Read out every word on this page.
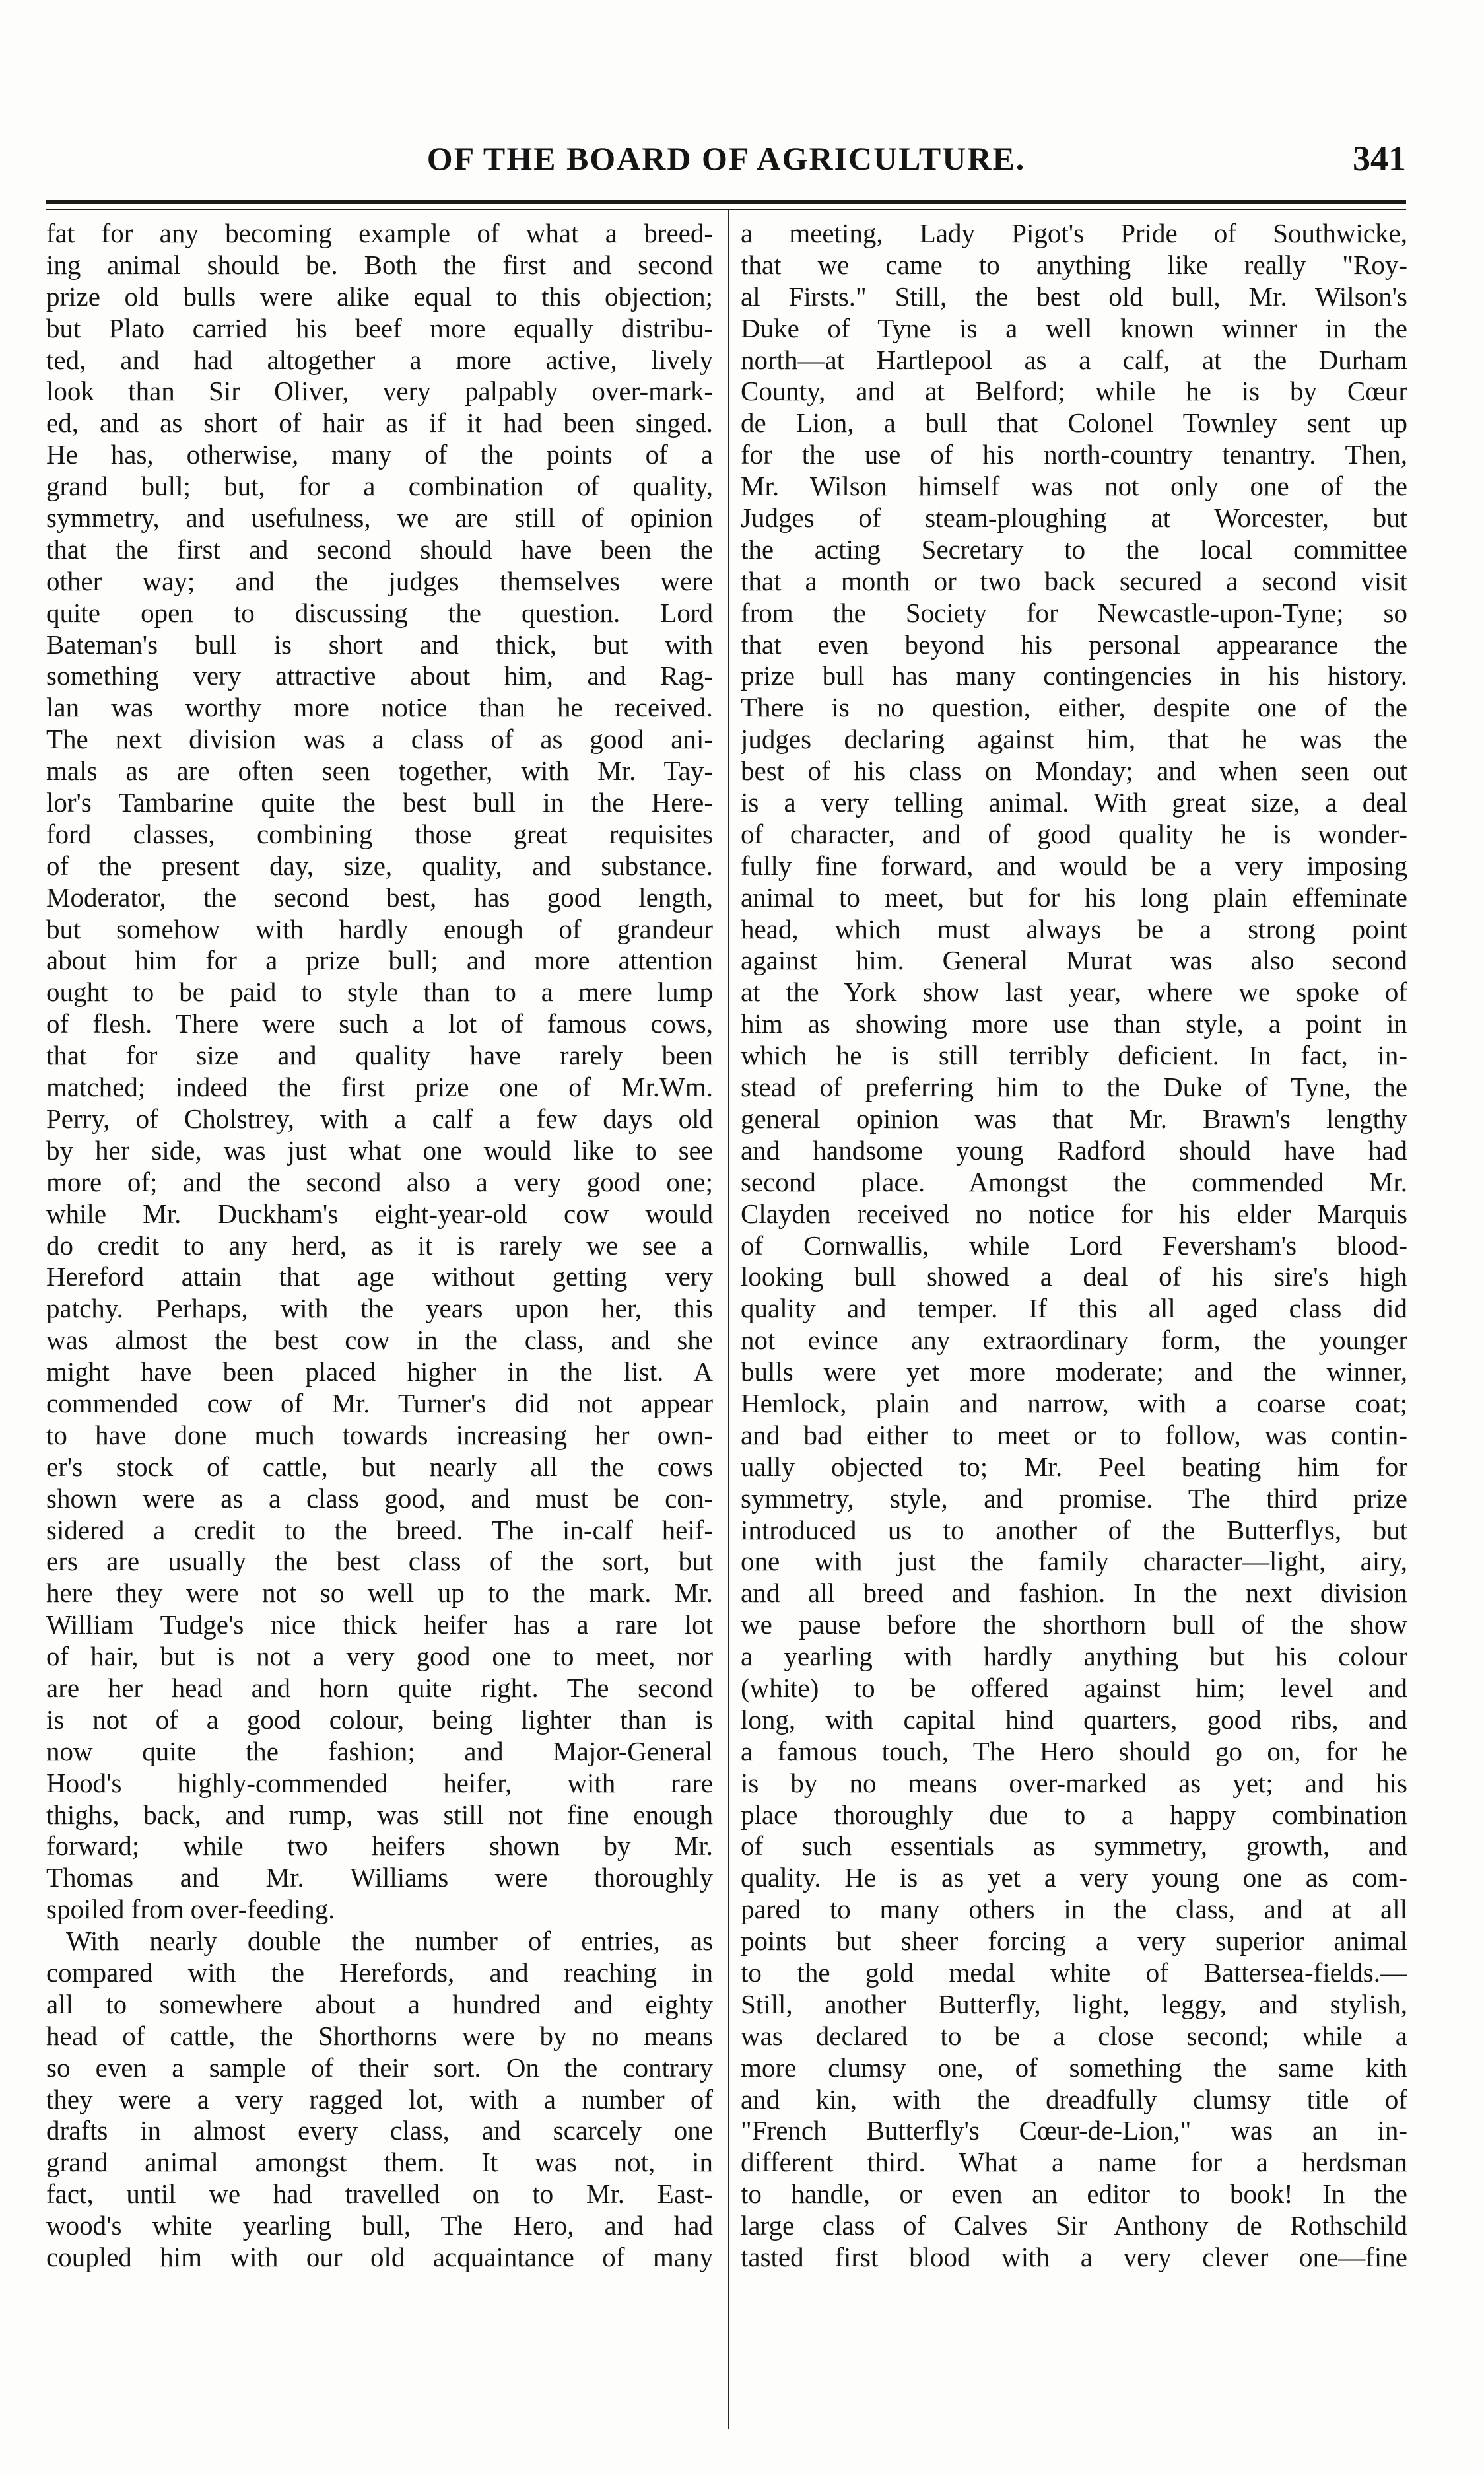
OF THE BOARD OF AGRICULTURE.	341
fat for any becoming example of what a breed-
ing animal should be. Both the first and second
prize old bulls were alike equal to this objection;
but Plato carried his beef more equally distribu-
ted, and had altogether a more active, lively
look than Sir Oliver, very palpably over-mark-
ed, and as short of hair as if it had been singed.
He has, otherwise, many of the points of a
grand bull; but, for a combination of quality,
symmetry, and usefulness, we are still of opinion
that the first and second should have been the
other way; and the judges themselves were
quite open to discussing the question. Lord
Bateman's bull is short and thick, but with
something very attractive about him, and Rag-
lan was worthy more notice than he received.
The next division was a class of as good ani-
mals as are often seen together, with Mr. Tay-
lor's Tambarine quite the best bull in the Here-
ford classes, combining those great requisites
of the present day, size, quality, and substance.
Moderator, the second best, has good length,
but somehow with hardly enough of grandeur
about him for a prize bull; and more attention
ought to be paid to style than to a mere lump
of flesh. There were such a lot of famous cows,
that for size and quality have rarely been
matched; indeed the first prize one of Mr.Wm.
Perry, of Cholstrey, with a calf a few days old
by her side, was just what one would like to see
more of; and the second also a very good one;
while Mr. Duckham's eight-year-old cow would
do credit to any herd, as it is rarely we see a
Hereford attain that age without getting very
patchy. Perhaps, with the years upon her, this
was almost the best cow in the class, and she
might have been placed higher in the list. A
commended cow of Mr. Turner's did not appear
to have done much towards increasing her own-
er's stock of cattle, but nearly all the cows
shown were as a class good, and must be con-
sidered a credit to the breed. The in-calf heif-
ers are usually the best class of the sort, but
here they were not so well up to the mark. Mr.
William Tudge's nice thick heifer has a rare lot
of hair, but is not a very good one to meet, nor
are her head and horn quite right. The second
is not of a good colour, being lighter than is
now quite the fashion; and Major-General
Hood's highly-commended heifer, with rare
thighs, back, and rump, was still not fine enough
forward; while two heifers shown by Mr.
Thomas and Mr. Williams were thoroughly
spoiled from over-feeding.
With nearly double the number of entries, as
compared with the Herefords, and reaching in
all to somewhere about a hundred and eighty
head of cattle, the Shorthorns were by no means
so even a sample of their sort. On the contrary
they were a very ragged lot, with a number of
drafts in almost every class, and scarcely one
grand animal amongst them. It was not, in
fact, until we had travelled on to Mr. East-
wood's white yearling bull, The Hero, and had
coupled him with our old acquaintance of many
a meeting, Lady Pigot's Pride of Southwicke,
that we came to anything like really "Roy-
al Firsts." Still, the best old bull, Mr. Wilson's
Duke of Tyne is a well known winner in the
north—at Hartlepool as a calf, at the Durham
County, and at Belford; while he is by Cœur
de Lion, a bull that Colonel Townley sent up
for the use of his north-country tenantry. Then,
Mr. Wilson himself was not only one of the
Judges of steam-ploughing at Worcester, but
the acting Secretary to the local committee
that a month or two back secured a second visit
from the Society for Newcastle-upon-Tyne; so
that even beyond his personal appearance the
prize bull has many contingencies in his history.
There is no question, either, despite one of the
judges declaring against him, that he was the
best of his class on Monday; and when seen out
is a very telling animal. With great size, a deal
of character, and of good quality he is wonder-
fully fine forward, and would be a very imposing
animal to meet, but for his long plain effeminate
head, which must always be a strong point
against him. General Murat was also second
at the York show last year, where we spoke of
him as showing more use than style, a point in
which he is still terribly deficient. In fact, in-
stead of preferring him to the Duke of Tyne, the
general opinion was that Mr. Brawn's lengthy
and handsome young Radford should have had
second place. Amongst the commended Mr.
Clayden received no notice for his elder Marquis
of Cornwallis, while Lord Feversham's blood-
looking bull showed a deal of his sire's high
quality and temper. If this all aged class did
not evince any extraordinary form, the younger
bulls were yet more moderate; and the winner,
Hemlock, plain and narrow, with a coarse coat;
and bad either to meet or to follow, was contin-
ually objected to; Mr. Peel beating him for
symmetry, style, and promise. The third prize
introduced us to another of the Butterflys, but
one with just the family character—light, airy,
and all breed and fashion. In the next division
we pause before the shorthorn bull of the show
a yearling with hardly anything but his colour
(white) to be offered against him; level and
long, with capital hind quarters, good ribs, and
a famous touch, The Hero should go on, for he
is by no means over-marked as yet; and his
place thoroughly due to a happy combination
of such essentials as symmetry, growth, and
quality. He is as yet a very young one as com-
pared to many others in the class, and at all
points but sheer forcing a very superior animal
to the gold medal white of Battersea-fields.—
Still, another Butterfly, light, leggy, and stylish,
was declared to be a close second; while a
more clumsy one, of something the same kith
and kin, with the dreadfully clumsy title of
"French Butterfly's Cœur-de-Lion," was an in-
different third. What a name for a herdsman
to handle, or even an editor to book! In the
large class of Calves Sir Anthony de Rothschild
tasted first blood with a very clever one—fine
